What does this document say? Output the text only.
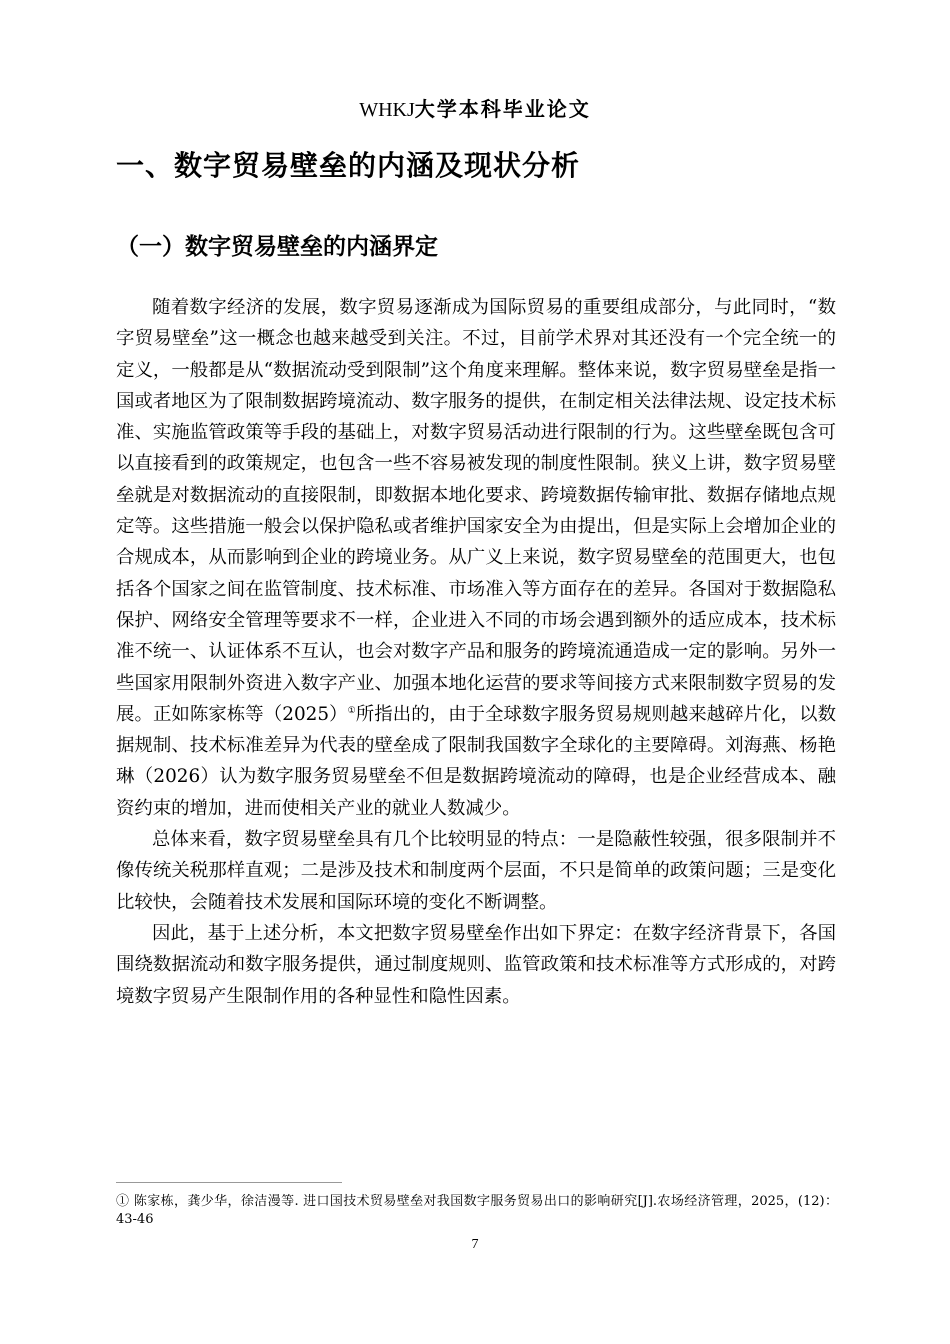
WHKJ大学本科毕业论文
一、数字贸易壁垒的内涵及现状分析
（一）数字贸易壁垒的内涵界定

随着数字经济的发展，数字贸易逐渐成为国际贸易的重要组成部分，与此同时，“数字贸易壁垒”这一概念也越来越受到关注。不过，目前学术界对其还没有一个完全统一的定义，一般都是从“数据流动受到限制”这个角度来理解。整体来说，数字贸易壁垒是指一国或者地区为了限制数据跨境流动、数字服务的提供，在制定相关法律法规、设定技术标准、实施监管政策等手段的基础上，对数字贸易活动进行限制的行为。这些壁垒既包含可以直接看到的政策规定，也包含一些不容易被发现的制度性限制。狭义上讲，数字贸易壁垒就是对数据流动的直接限制，即数据本地化要求、跨境数据传输审批、数据存储地点规定等。这些措施一般会以保护隐私或者维护国家安全为由提出，但是实际上会增加企业的合规成本，从而影响到企业的跨境业务。从广义上来说，数字贸易壁垒的范围更大，也包括各个国家之间在监管制度、技术标准、市场准入等方面存在的差异。各国对于数据隐私保护、网络安全管理等要求不一样，企业进入不同的市场会遇到额外的适应成本，技术标准不统一、认证体系不互认，也会对数字产品和服务的跨境流通造成一定的影响。另外一些国家用限制外资进入数字产业、加强本地化运营的要求等间接方式来限制数字贸易的发展。正如陈家栋等（2025）①所指出的，由于全球数字服务贸易规则越来越碎片化，以数据规制、技术标准差异为代表的壁垒成了限制我国数字全球化的主要障碍。刘海燕、杨艳琳（2026）认为数字服务贸易壁垒不但是数据跨境流动的障碍，也是企业经营成本、融资约束的增加，进而使相关产业的就业人数减少。

总体来看，数字贸易壁垒具有几个比较明显的特点：一是隐蔽性较强，很多限制并不像传统关税那样直观；二是涉及技术和制度两个层面，不只是简单的政策问题；三是变化比较快，会随着技术发展和国际环境的变化不断调整。

因此，基于上述分析，本文把数字贸易壁垒作出如下界定：在数字经济背景下，各国围绕数据流动和数字服务提供，通过制度规则、监管政策和技术标准等方式形成的，对跨境数字贸易产生限制作用的各种显性和隐性因素。

① 陈家栋，龚少华，徐洁漫等. 进口国技术贸易壁垒对我国数字服务贸易出口的影响研究[J].农场经济管理，2025，(12)：43-46
7
